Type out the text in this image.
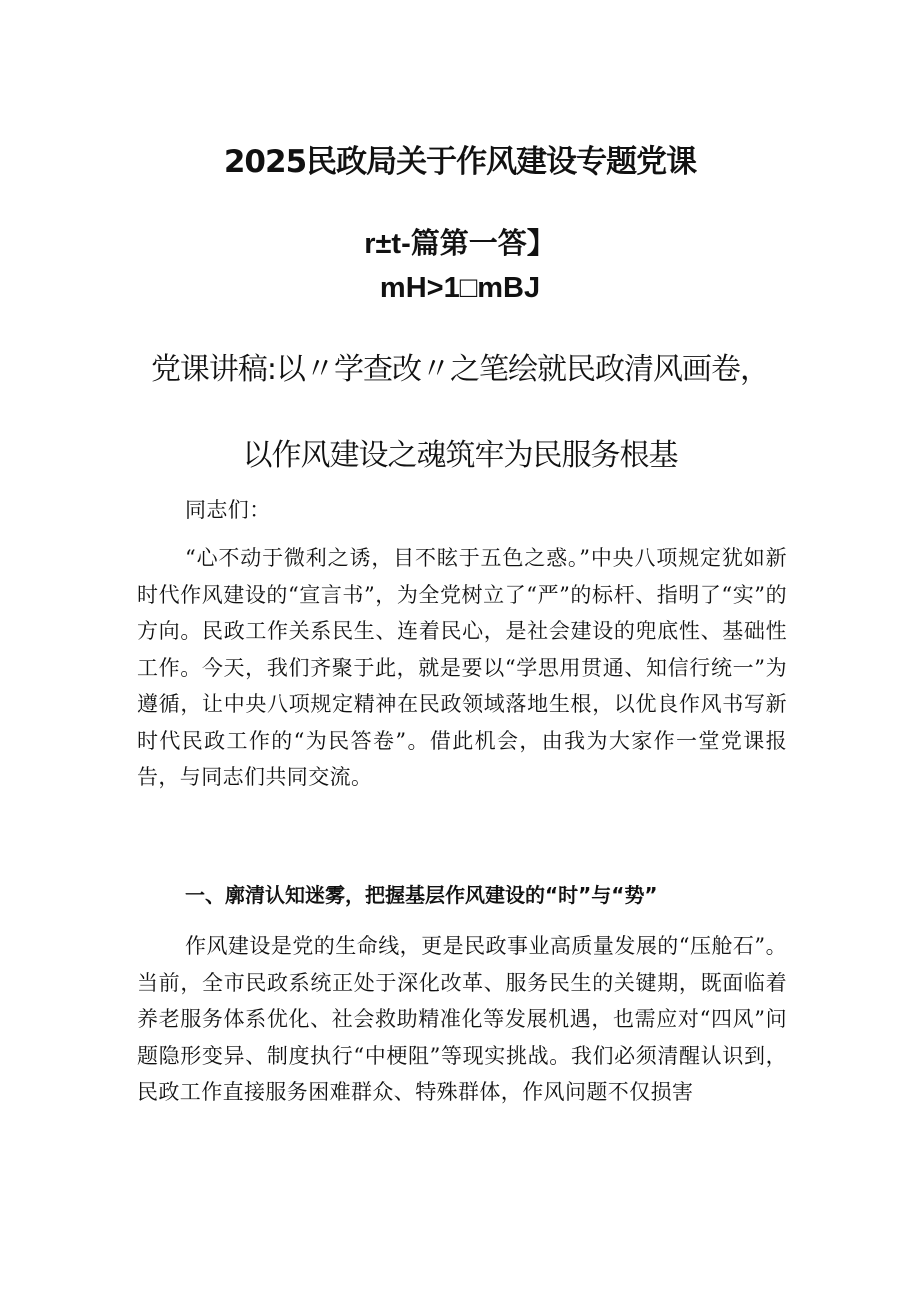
2025民政局关于作风建设专题党课
r±t-篇第一答】
mH>1□mBJ
党课讲稿:以〃学查改〃之笔绘就民政清风画卷，
以作风建设之魂筑牢为民服务根基

同志们：

“心不动于微利之诱，目不眩于五色之惑。”中央八项规定犹如新时代作风建设的“宣言书”，为全党树立了“严”的标杆、指明了“实”的方向。民政工作关系民生、连着民心，是社会建设的兜底性、基础性工作。今天，我们齐聚于此，就是要以“学思用贯通、知信行统一”为遵循，让中央八项规定精神在民政领域落地生根，以优良作风书写新时代民政工作的“为民答卷”。借此机会，由我为大家作一堂党课报告，与同志们共同交流。

一、廓清认知迷雾，把握基层作风建设的“时”与“势”

作风建设是党的生命线，更是民政事业高质量发展的“压舱石”。当前，全市民政系统正处于深化改革、服务民生的关键期，既面临着养老服务体系优化、社会救助精准化等发展机遇，也需应对“四风”问题隐形变异、制度执行“中梗阻”等现实挑战。我们必须清醒认识到，民政工作直接服务困难群众、特殊群体，作风问题不仅损害
